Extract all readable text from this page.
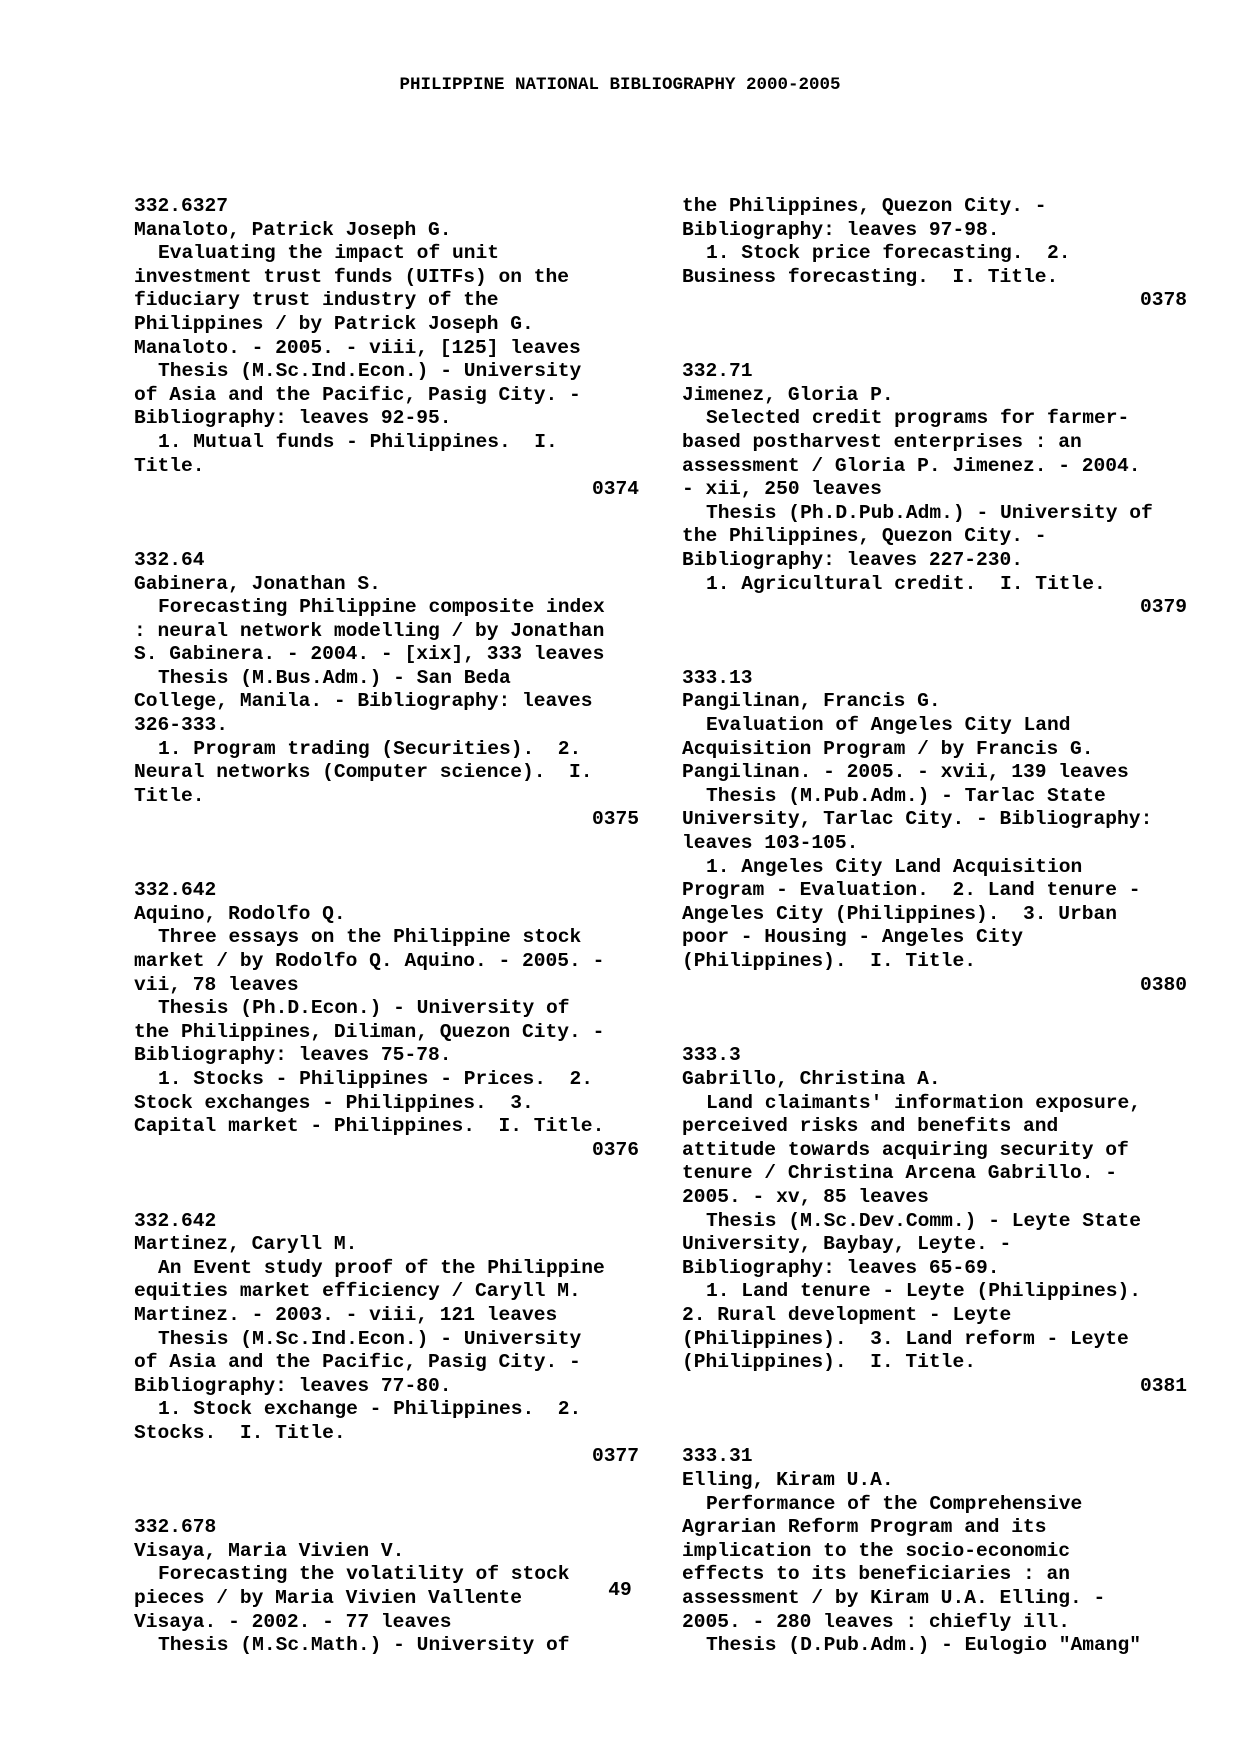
PHILIPPINE NATIONAL BIBLIOGRAPHY 2000-2005
332.6327
Manaloto, Patrick Joseph G.
Evaluating the impact of unit
investment trust funds (UITFs) on the
fiduciary trust industry of the
Philippines / by Patrick Joseph G.
Manaloto. - 2005. - viii, [125] leaves
Thesis (M.Sc.Ind.Econ.) - University
of Asia and the Pacific, Pasig City. -
Bibliography: leaves 92-95.
1. Mutual funds - Philippines.  I.
Title.
0374
332.64
Gabinera, Jonathan S.
Forecasting Philippine composite index
: neural network modelling / by Jonathan
S. Gabinera. - 2004. - [xix], 333 leaves
Thesis (M.Bus.Adm.) - San Beda
College, Manila. - Bibliography: leaves
326-333.
1. Program trading (Securities).  2.
Neural networks (Computer science).  I.
Title.
0375
332.642
Aquino, Rodolfo Q.
Three essays on the Philippine stock
market / by Rodolfo Q. Aquino. - 2005. -
vii, 78 leaves
Thesis (Ph.D.Econ.) - University of
the Philippines, Diliman, Quezon City. -
Bibliography: leaves 75-78.
1. Stocks - Philippines - Prices.  2.
Stock exchanges - Philippines.  3.
Capital market - Philippines.  I. Title.
0376
332.642
Martinez, Caryll M.
An Event study proof of the Philippine
equities market efficiency / Caryll M.
Martinez. - 2003. - viii, 121 leaves
Thesis (M.Sc.Ind.Econ.) - University
of Asia and the Pacific, Pasig City. -
Bibliography: leaves 77-80.
1. Stock exchange - Philippines.  2.
Stocks.  I. Title.
0377
332.678
Visaya, Maria Vivien V.
Forecasting the volatility of stock
pieces / by Maria Vivien Vallente
Visaya. - 2002. - 77 leaves
Thesis (M.Sc.Math.) - University of
the Philippines, Quezon City. -
Bibliography: leaves 97-98.
1. Stock price forecasting.  2.
Business forecasting.  I. Title.
0378
332.71
Jimenez, Gloria P.
Selected credit programs for farmer-
based postharvest enterprises : an
assessment / Gloria P. Jimenez. - 2004.
- xii, 250 leaves
Thesis (Ph.D.Pub.Adm.) - University of
the Philippines, Quezon City. -
Bibliography: leaves 227-230.
1. Agricultural credit.  I. Title.
0379
333.13
Pangilinan, Francis G.
Evaluation of Angeles City Land
Acquisition Program / by Francis G.
Pangilinan. - 2005. - xvii, 139 leaves
Thesis (M.Pub.Adm.) - Tarlac State
University, Tarlac City. - Bibliography:
leaves 103-105.
1. Angeles City Land Acquisition
Program - Evaluation.  2. Land tenure -
Angeles City (Philippines).  3. Urban
poor - Housing - Angeles City
(Philippines).  I. Title.
0380
333.3
Gabrillo, Christina A.
Land claimants' information exposure,
perceived risks and benefits and
attitude towards acquiring security of
tenure / Christina Arcena Gabrillo. -
2005. - xv, 85 leaves
Thesis (M.Sc.Dev.Comm.) - Leyte State
University, Baybay, Leyte. -
Bibliography: leaves 65-69.
1. Land tenure - Leyte (Philippines).
2. Rural development - Leyte
(Philippines).  3. Land reform - Leyte
(Philippines).  I. Title.
0381
333.31
Elling, Kiram U.A.
Performance of the Comprehensive
Agrarian Reform Program and its
implication to the socio-economic
effects to its beneficiaries : an
assessment / by Kiram U.A. Elling. -
2005. - 280 leaves : chiefly ill.
Thesis (D.Pub.Adm.) - Eulogio "Amang"
49
